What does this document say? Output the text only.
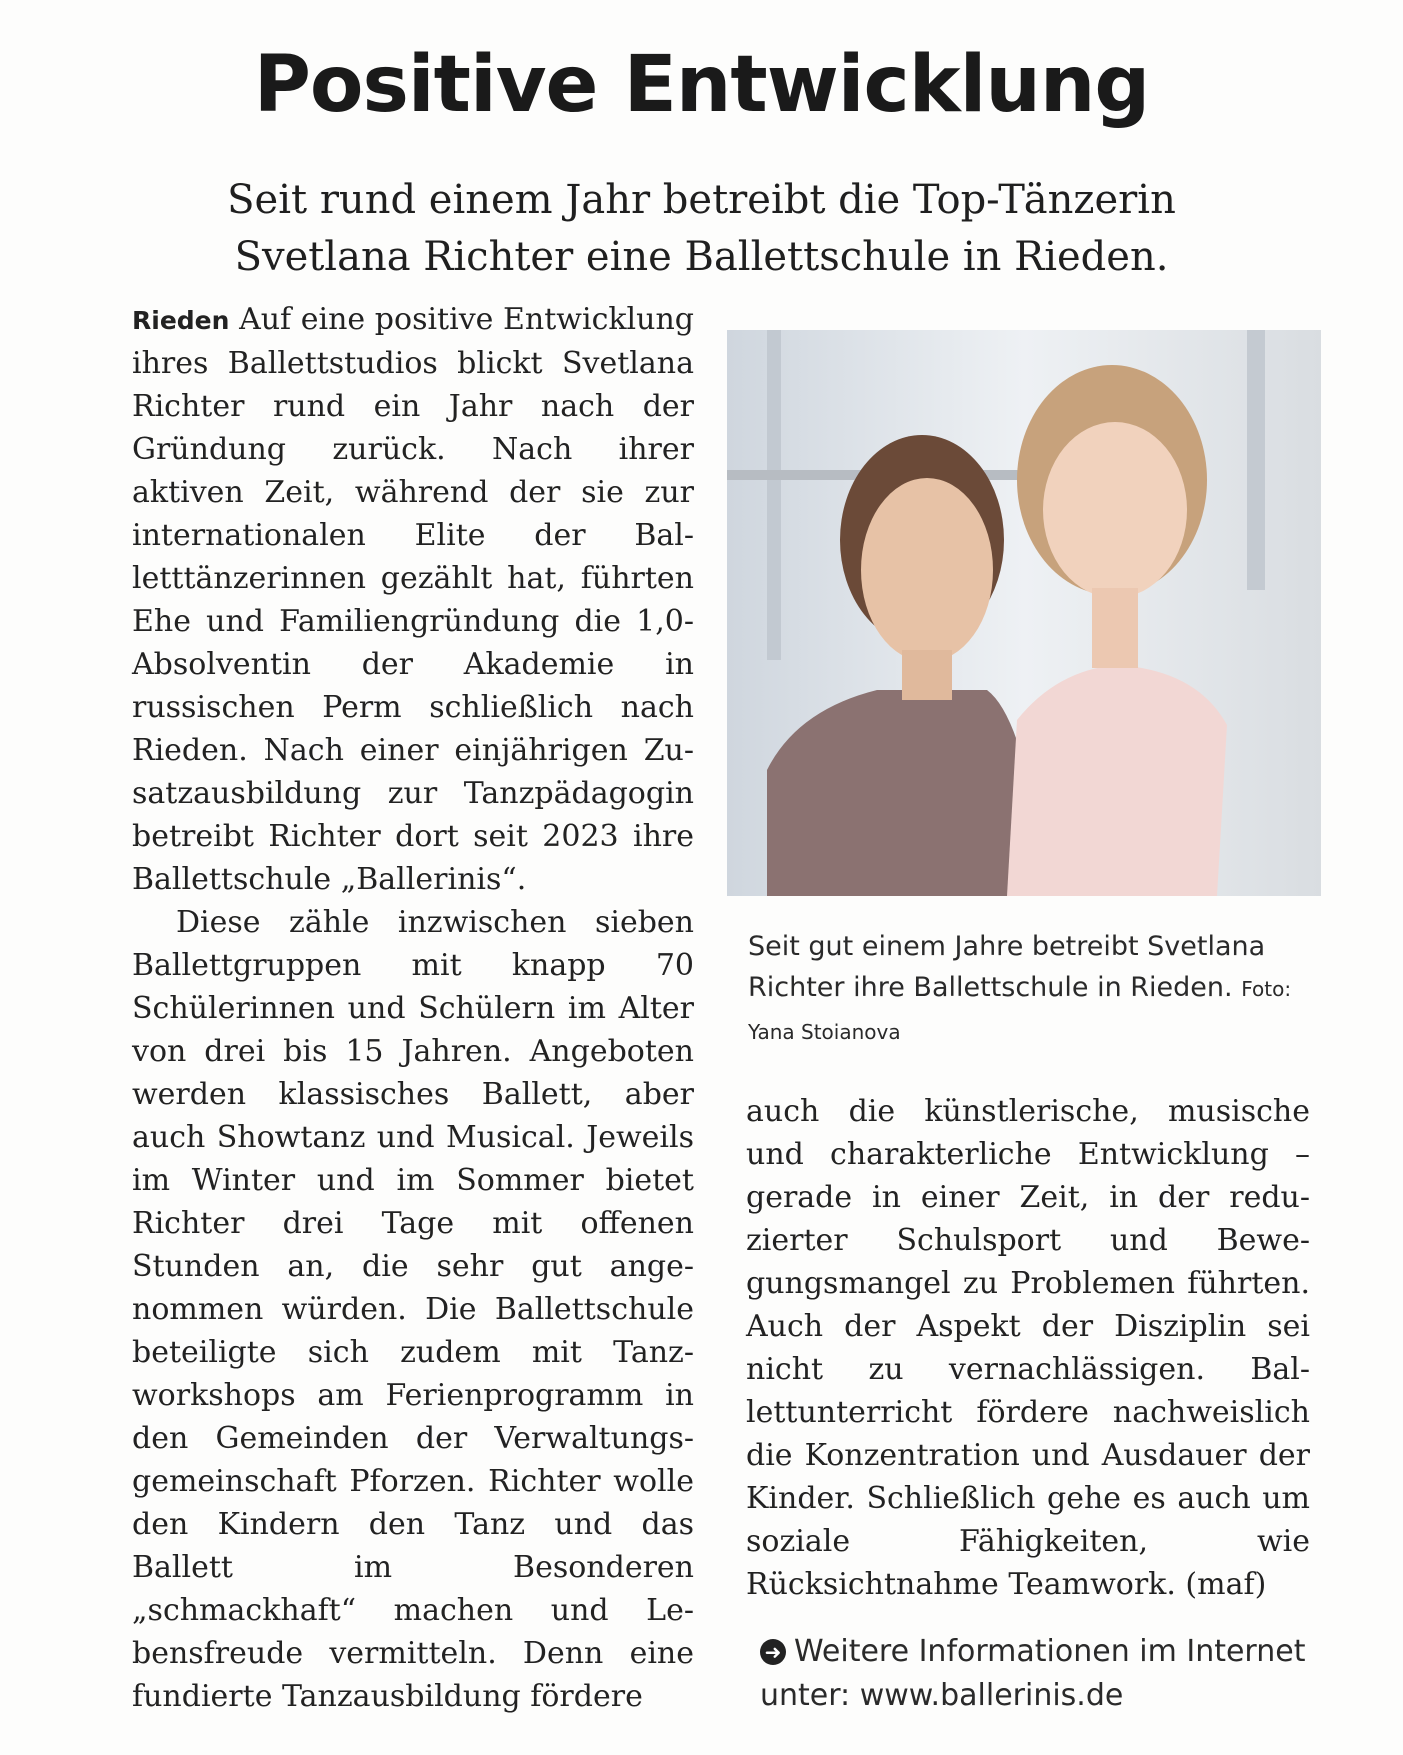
Positive Entwicklung
Seit rund einem Jahr betreibt die Top-Tänzerin
Svetlana Richter eine Ballettschule in Rieden.

Rieden Auf eine positive Entwicklung ihres Ballettstudios blickt Svetlana Richter rund ein Jahr nach der Gründung zurück. Nach ihrer aktiven Zeit, während der sie zur internationalen Elite der Balletttänzerinnen gezählt hat, führten Ehe und Familiengründung die 1,0-Absolventin der Akademie in russischen Perm schließlich nach Rieden. Nach einer einjährigen Zusatzausbildung zur Tanzpädagogin betreibt Richter dort seit 2023 ihre Ballettschule „Ballerinis“.

Diese zähle inzwischen sieben Ballettgruppen mit knapp 70 Schülerinnen und Schülern im Alter von drei bis 15 Jahren. Angeboten werden klassisches Ballett, aber auch Showtanz und Musical. Jeweils im Winter und im Sommer bietet Richter drei Tage mit offenen Stunden an, die sehr gut angenommen würden. Die Ballettschule beteiligte sich zudem mit Tanzworkshops am Ferienprogramm in den Gemeinden der Verwaltungsgemeinschaft Pforzen. Richter wolle den Kindern den Tanz und das Ballett im Besonderen „schmackhaft“ machen und Lebensfreude vermitteln. Denn eine fundierte Tanzausbildung fördere

Seit gut einem Jahre betreibt Svetlana Richter ihre Ballettschule in Rieden. Foto: Yana Stoianova

auch die künstlerische, musische und charakterliche Entwicklung – gerade in einer Zeit, in der reduzierter Schulsport und Bewegungsmangel zu Problemen führten. Auch der Aspekt der Disziplin sei nicht zu vernachlässigen. Ballettunterricht fördere nachweislich die Konzentration und Ausdauer der Kinder. Schließlich gehe es auch um soziale Fähigkeiten, wie Rücksichtnahme Teamwork. (maf)

➜ Weitere Informationen im Internet unter: www.ballerinis.de
